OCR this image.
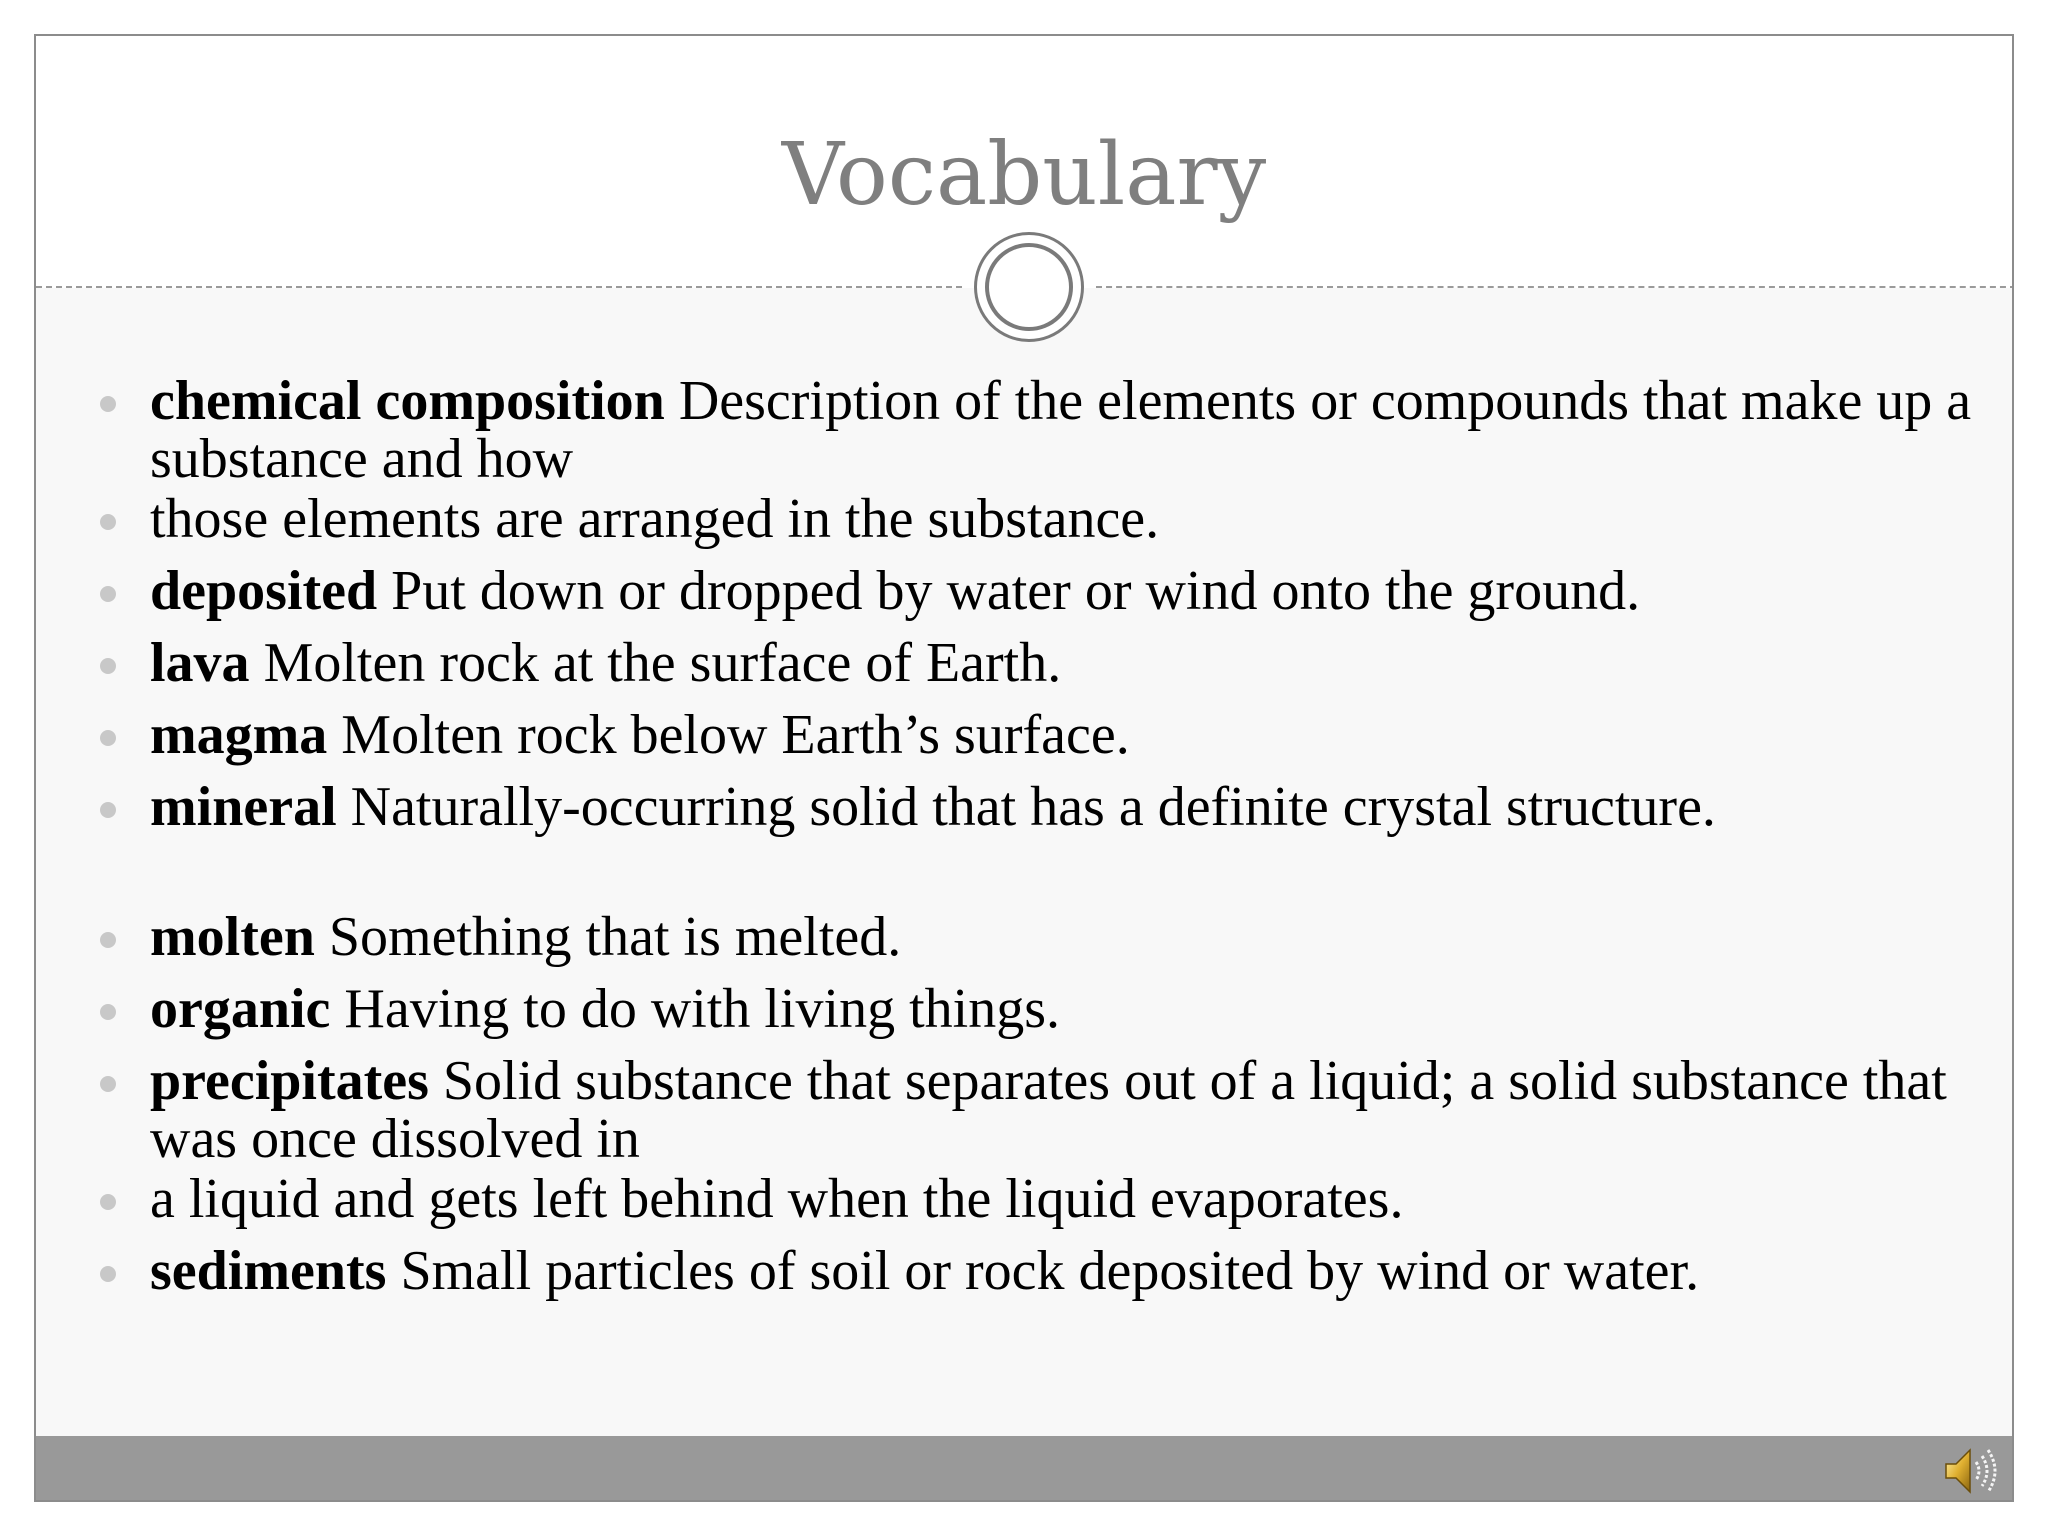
Vocabulary
chemical composition Description of the elements or compounds that make up a substance and how
those elements are arranged in the substance.
deposited Put down or dropped by water or wind onto the ground.
lava Molten rock at the surface of Earth.
magma Molten rock below Earth’s surface.
mineral Naturally-occurring solid that has a definite crystal structure.
molten Something that is melted.
organic Having to do with living things.
precipitates Solid substance that separates out of a liquid; a solid substance that was once dissolved in
a liquid and gets left behind when the liquid evaporates.
sediments Small particles of soil or rock deposited by wind or water.
